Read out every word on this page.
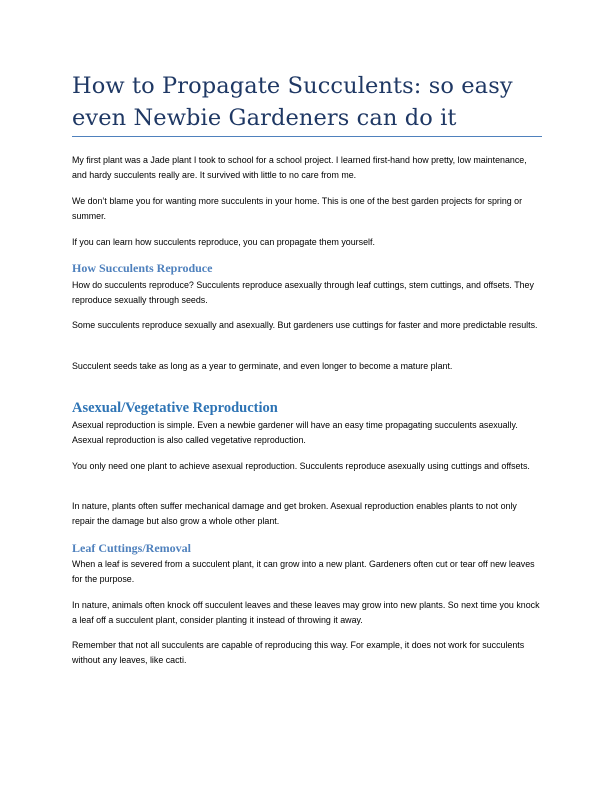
How to Propagate Succulents: so easy even Newbie Gardeners can do it

My first plant was a Jade plant I took to school for a school project. I learned first-hand how pretty, low maintenance, and hardy succulents really are. It survived with little to no care from me.

We don’t blame you for wanting more succulents in your home. This is one of the best garden projects for spring or summer.

If you can learn how succulents reproduce, you can propagate them yourself.

How Succulents Reproduce

How do succulents reproduce? Succulents reproduce asexually through leaf cuttings, stem cuttings, and offsets. They reproduce sexually through seeds.

Some succulents reproduce sexually and asexually. But gardeners use cuttings for faster and more predictable results.

Succulent seeds take as long as a year to germinate, and even longer to become a mature plant.

Asexual/Vegetative Reproduction

Asexual reproduction is simple. Even a newbie gardener will have an easy time propagating succulents asexually. Asexual reproduction is also called vegetative reproduction.

You only need one plant to achieve asexual reproduction. Succulents reproduce asexually using cuttings and offsets.

In nature, plants often suffer mechanical damage and get broken. Asexual reproduction enables plants to not only repair the damage but also grow a whole other plant.

Leaf Cuttings/Removal

When a leaf is severed from a succulent plant, it can grow into a new plant. Gardeners often cut or tear off new leaves for the purpose.

In nature, animals often knock off succulent leaves and these leaves may grow into new plants. So next time you knock a leaf off a succulent plant, consider planting it instead of throwing it away.

Remember that not all succulents are capable of reproducing this way. For example, it does not work for succulents without any leaves, like cacti.
